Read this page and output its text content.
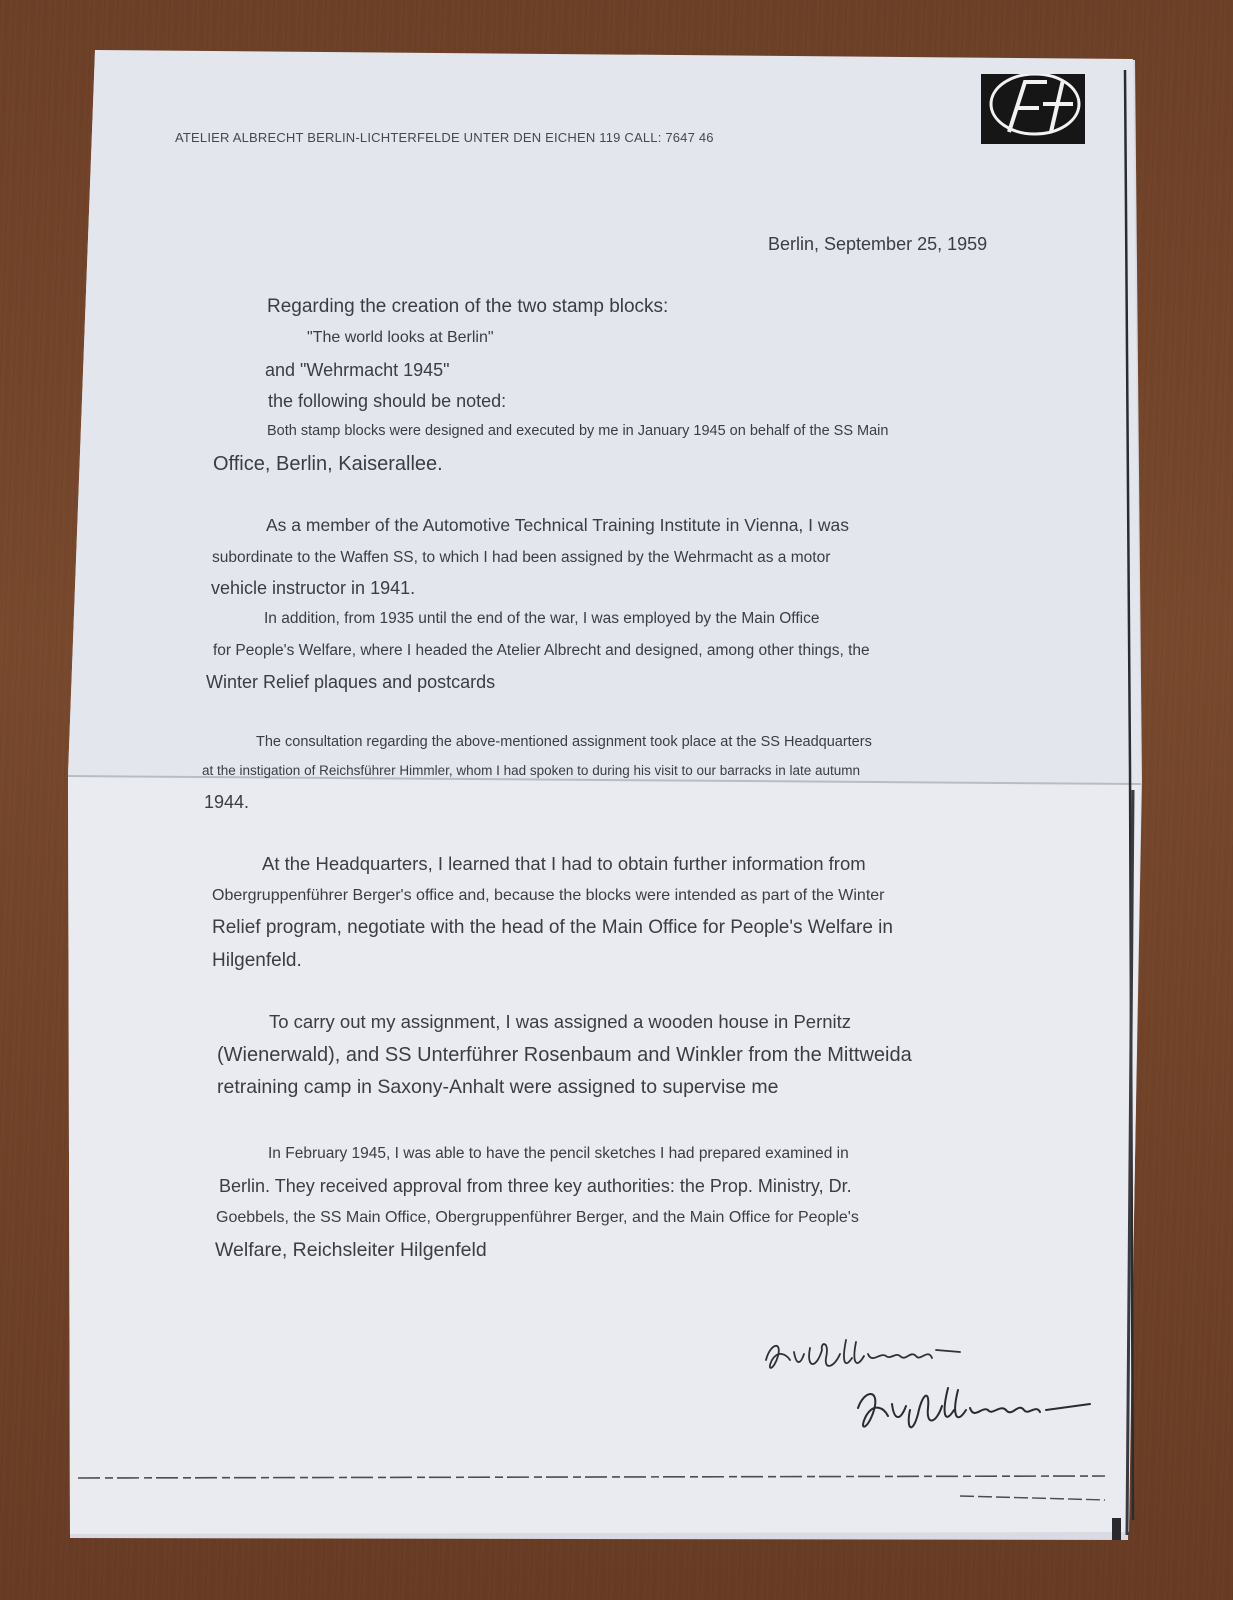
ATELIER ALBRECHT BERLIN-LICHTERFELDE UNTER DEN EICHEN 119 CALL: 7647 46
Berlin, September 25, 1959
Regarding the creation of the two stamp blocks:
"The world looks at Berlin"
and "Wehrmacht 1945"
the following should be noted:
Both stamp blocks were designed and executed by me in January 1945 on behalf of the SS Main
Office, Berlin, Kaiserallee.
As a member of the Automotive Technical Training Institute in Vienna, I was
subordinate to the Waffen SS, to which I had been assigned by the Wehrmacht as a motor
vehicle instructor in 1941.
In addition, from 1935 until the end of the war, I was employed by the Main Office
for People's Welfare, where I headed the Atelier Albrecht and designed, among other things, the
Winter Relief plaques and postcards
The consultation regarding the above-mentioned assignment took place at the SS Headquarters
at the instigation of Reichsführer Himmler, whom I had spoken to during his visit to our barracks in late autumn
1944.
At the Headquarters, I learned that I had to obtain further information from
Obergruppenführer Berger's office and, because the blocks were intended as part of the Winter
Relief program, negotiate with the head of the Main Office for People's Welfare in
Hilgenfeld.
To carry out my assignment, I was assigned a wooden house in Pernitz
(Wienerwald), and SS Unterführer Rosenbaum and Winkler from the Mittweida
retraining camp in Saxony-Anhalt were assigned to supervise me
In February 1945, I was able to have the pencil sketches I had prepared examined in
Berlin. They received approval from three key authorities: the Prop. Ministry, Dr.
Goebbels, the SS Main Office, Obergruppenführer Berger, and the Main Office for People's
Welfare, Reichsleiter Hilgenfeld
